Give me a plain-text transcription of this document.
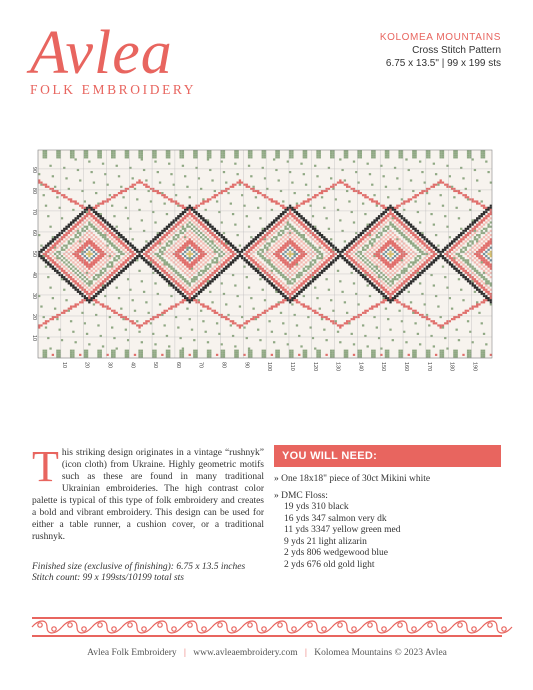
Avlea
FOLK EMBROIDERY
KOLOMEA MOUNTAINS
Cross Stitch Pattern
6.75 x 13.5" | 99 x 199 sts
10	20	30	40	50	60	70	80	90	100	110	120	130	140	150	160	170	180	190
90
80
70
60
50
40
30
20
10
T his striking design originates in a vintage “rushnyk” (icon cloth) from Ukraine. Highly geometric motifs such as these are found in many traditional Ukrainian embroideries. The high contrast color palette is typical of this type of folk embroidery and creates a bold and vibrant embroidery. This design can be used for either a table runner, a cushion cover, or a traditional rushnyk.
Finished size (exclusive of finishing): 6.75 x 13.5 inches
Stitch count: 99 x 199sts/10199 total sts
YOU WILL NEED:
» One 18x18" piece of 30ct Mikini white
» DMC Floss:
19 yds 310 black
16 yds 347 salmon very dk
11 yds 3347 yellow green med
9 yds 21 light alizarin
2 yds 806 wedgewood blue
2 yds 676 old gold light
Avlea Folk Embroidery | www.avleaembroidery.com | Kolomea Mountains © 2023 Avlea
